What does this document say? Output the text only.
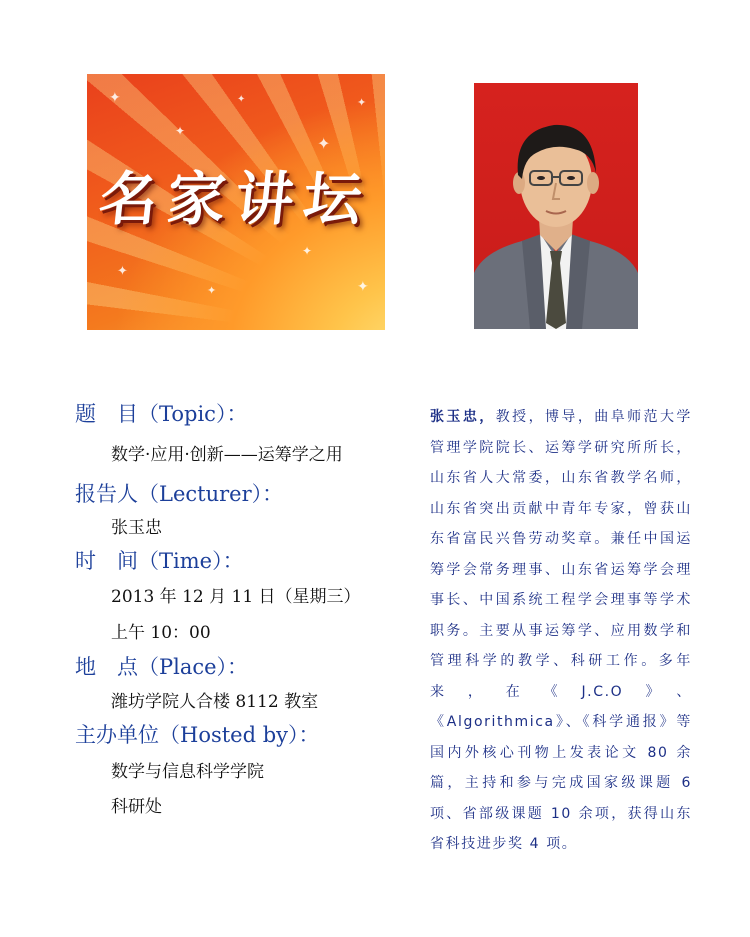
✦
✦
✦
✦
✦
✦
✦
✦
✦
名家讲坛
题　目（Topic）：
数学·应用·创新——运筹学之用
报告人（Lecturer）：
张玉忠
时　间（Time）：
2013 年 12 月 11 日（星期三）
上午 10：00
地　点（Place）：
潍坊学院人合楼 8112 教室
主办单位（Hosted by）：
数学与信息科学学院
科研处
张玉忠，教授，博导，曲阜师范大学管理学院院长、运筹学研究所所长，山东省人大常委，山东省教学名师，山东省突出贡献中青年专家，曾获山东省富民兴鲁劳动奖章。兼任中国运筹学会常务理事、山东省运筹学会理事长、中国系统工程学会理事等学术职务。主要从事运筹学、应用数学和管理科学的教学、科研工作。多年来，在《J.C.O》、《Algorithmica》、《科学通报》等国内外核心刊物上发表论文 80 余篇，主持和参与完成国家级课题 6 项、省部级课题 10 余项，获得山东省科技进步奖 4 项。
